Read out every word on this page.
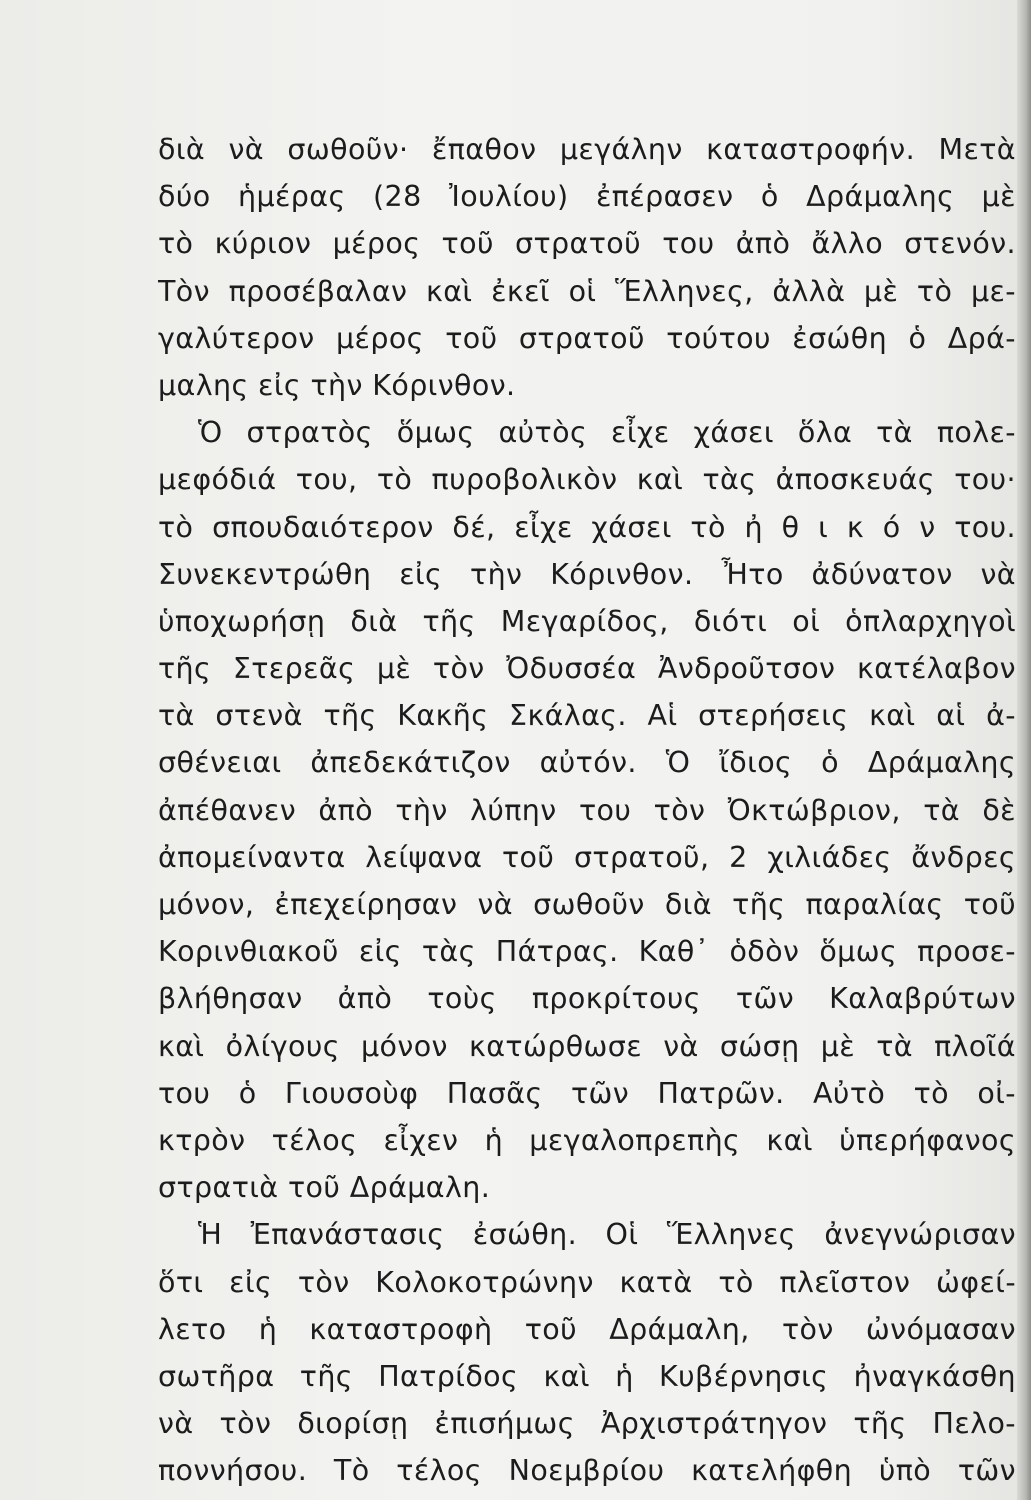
διὰ νὰ σωθοῦν· ἔπαθον μεγάλην καταστροφήν. Μετὰ
δύο ἡμέρας (28 Ἰουλίου) ἐπέρασεν ὁ Δράμαλης μὲ
τὸ κύριον μέρος τοῦ στρατοῦ του ἀπὸ ἄλλο στενόν.
Τὸν προσέβαλαν καὶ ἐκεῖ οἱ Ἕλληνες, ἀλλὰ μὲ τὸ με-
γαλύτερον μέρος τοῦ στρατοῦ τούτου ἐσώθη ὁ Δρά-
μαλης εἰς τὴν Κόρινθον.
Ὁ στρατὸς ὅμως αὐτὸς εἶχε χάσει ὅλα τὰ πολε-
μεφόδιά του, τὸ πυροβολικὸν καὶ τὰς ἀποσκευάς του·
τὸ σπουδαιότερον δέ, εἶχε χάσει τὸ ἠ θ ι κ ό ν του.
Συνεκεντρώθη εἰς τὴν Κόρινθον. Ἦτο ἀδύνατον νὰ
ὑποχωρήσῃ διὰ τῆς Μεγαρίδος, διότι οἱ ὁπλαρχηγοὶ
τῆς Στερεᾶς μὲ τὸν Ὀδυσσέα Ἀνδροῦτσον κατέλαβον
τὰ στενὰ τῆς Κακῆς Σκάλας. Αἱ στερήσεις καὶ αἱ ἀ-
σθένειαι ἀπεδεκάτιζον αὐτόν. Ὁ ἴδιος ὁ Δράμαλης
ἀπέθανεν ἀπὸ τὴν λύπην του τὸν Ὀκτώβριον, τὰ δὲ
ἀπομείναντα λείψανα τοῦ στρατοῦ, 2 χιλιάδες ἄνδρες
μόνον, ἐπεχείρησαν νὰ σωθοῦν διὰ τῆς παραλίας τοῦ
Κορινθιακοῦ εἰς τὰς Πάτρας. Καθ᾽ ὁδὸν ὅμως προσε-
βλήθησαν ἀπὸ τοὺς προκρίτους τῶν Καλαβρύτων
καὶ ὀλίγους μόνον κατώρθωσε νὰ σώσῃ μὲ τὰ πλοῖά
του ὁ Γιουσοὺφ Πασᾶς τῶν Πατρῶν. Αὐτὸ τὸ οἰ-
κτρὸν τέλος εἶχεν ἡ μεγαλοπρεπὴς καὶ ὑπερήφανος
στρατιὰ τοῦ Δράμαλη.
Ἡ Ἐπανάστασις ἐσώθη. Οἱ Ἕλληνες ἀνεγνώρισαν
ὅτι εἰς τὸν Κολοκοτρώνην κατὰ τὸ πλεῖστον ὠφεί-
λετο ἡ καταστροφὴ τοῦ Δράμαλη, τὸν ὠνόμασαν
σωτῆρα τῆς Πατρίδος καὶ ἡ Κυβέρνησις ἠναγκάσθη
νὰ τὸν διορίσῃ ἐπισήμως Ἀρχιστράτηγον τῆς Πελο-
ποννήσου. Τὸ τέλος Νοεμβρίου κατελήφθη ὑπὸ τῶν
